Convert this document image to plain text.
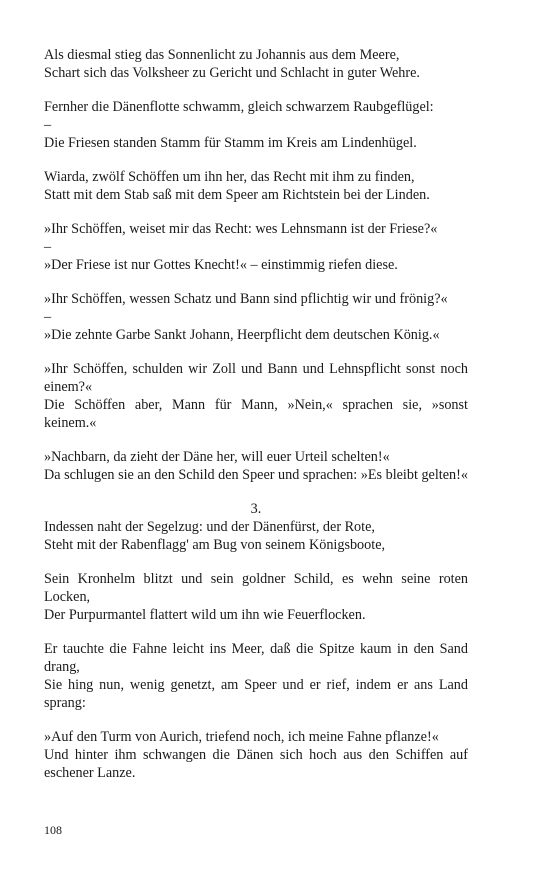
Als diesmal stieg das Sonnenlicht zu Johannis aus dem Meere,
Schart sich das Volksheer zu Gericht und Schlacht in guter Wehre.
Fernher die Dänenflotte schwamm, gleich schwarzem Raubgeflügel:
–
Die Friesen standen Stamm für Stamm im Kreis am Lindenhügel.
Wiarda, zwölf Schöffen um ihn her, das Recht mit ihm zu finden,
Statt mit dem Stab saß mit dem Speer am Richtstein bei der Linden.
»Ihr Schöffen, weiset mir das Recht: wes Lehnsmann ist der Friese?«
–
»Der Friese ist nur Gottes Knecht!« – einstimmig riefen diese.
»Ihr Schöffen, wessen Schatz und Bann sind pflichtig wir und frönig?«
–
»Die zehnte Garbe Sankt Johann, Heerpflicht dem deutschen König.«
»Ihr Schöffen, schulden wir Zoll und Bann und Lehnspflicht sonst noch einem?«
Die Schöffen aber, Mann für Mann, »Nein,« sprachen sie, »sonst keinem.«
»Nachbarn, da zieht der Däne her, will euer Urteil schelten!«
Da schlugen sie an den Schild den Speer und sprachen: »Es bleibt gelten!«
3.
Indessen naht der Segelzug: und der Dänenfürst, der Rote,
Steht mit der Rabenflagg' am Bug von seinem Königsboote,
Sein Kronhelm blitzt und sein goldner Schild, es wehn seine roten Locken,
Der Purpurmantel flattert wild um ihn wie Feuerflocken.
Er tauchte die Fahne leicht ins Meer, daß die Spitze kaum in den Sand drang,
Sie hing nun, wenig genetzt, am Speer und er rief, indem er ans Land sprang:
»Auf den Turm von Aurich, triefend noch, ich meine Fahne pflanze!«
Und hinter ihm schwangen die Dänen sich hoch aus den Schiffen auf eschener Lanze.
108
